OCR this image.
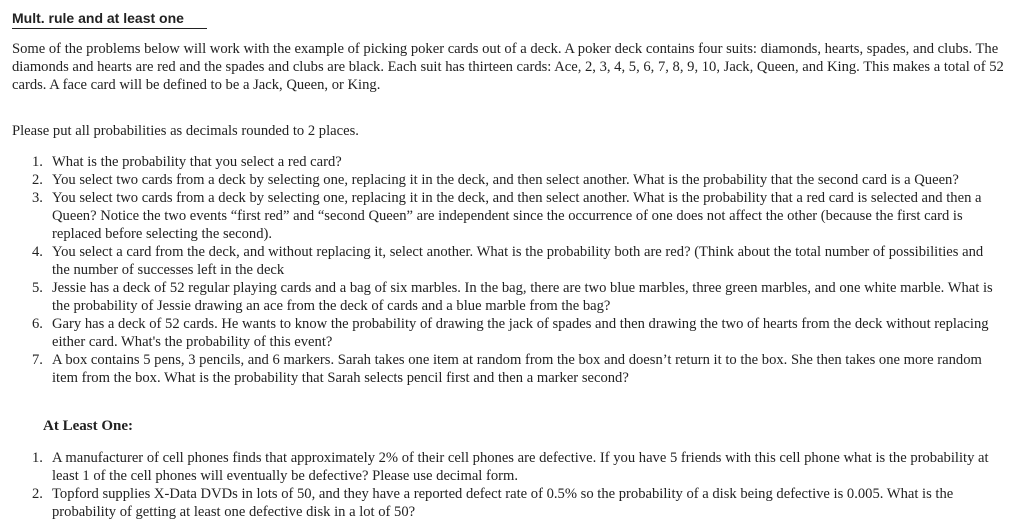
Mult. rule and at least one
Some of the problems below will work with the example of picking poker cards out of a deck. A poker deck contains four suits: diamonds, hearts, spades, and clubs. The diamonds and hearts are red and the spades and clubs are black. Each suit has thirteen cards: Ace, 2, 3, 4, 5, 6, 7, 8, 9, 10, Jack, Queen, and King. This makes a total of 52 cards. A face card will be defined to be a Jack, Queen, or King.
Please put all probabilities as decimals rounded to 2 places.
1. What is the probability that you select a red card?
2. You select two cards from a deck by selecting one, replacing it in the deck, and then select another. What is the probability that the second card is a Queen?
3. You select two cards from a deck by selecting one, replacing it in the deck, and then select another. What is the probability that a red card is selected and then a Queen? Notice the two events “first red” and “second Queen” are independent since the occurrence of one does not affect the other (because the first card is replaced before selecting the second).
4. You select a card from the deck, and without replacing it, select another. What is the probability both are red? (Think about the total number of possibilities and the number of successes left in the deck
5. Jessie has a deck of 52 regular playing cards and a bag of six marbles. In the bag, there are two blue marbles, three green marbles, and one white marble. What is the probability of Jessie drawing an ace from the deck of cards and a blue marble from the bag?
6. Gary has a deck of 52 cards. He wants to know the probability of drawing the jack of spades and then drawing the two of hearts from the deck without replacing either card. What's the probability of this event?
7. A box contains 5 pens, 3 pencils, and 6 markers. Sarah takes one item at random from the box and doesn’t return it to the box. She then takes one more random item from the box. What is the probability that Sarah selects pencil first and then a marker second?
At Least One:
1. A manufacturer of cell phones finds that approximately 2% of their cell phones are defective. If you have 5 friends with this cell phone what is the probability at least 1 of the cell phones will eventually be defective? Please use decimal form.
2. Topford supplies X-Data DVDs in lots of 50, and they have a reported defect rate of 0.5% so the probability of a disk being defective is 0.005. What is the probability of getting at least one defective disk in a lot of 50?
